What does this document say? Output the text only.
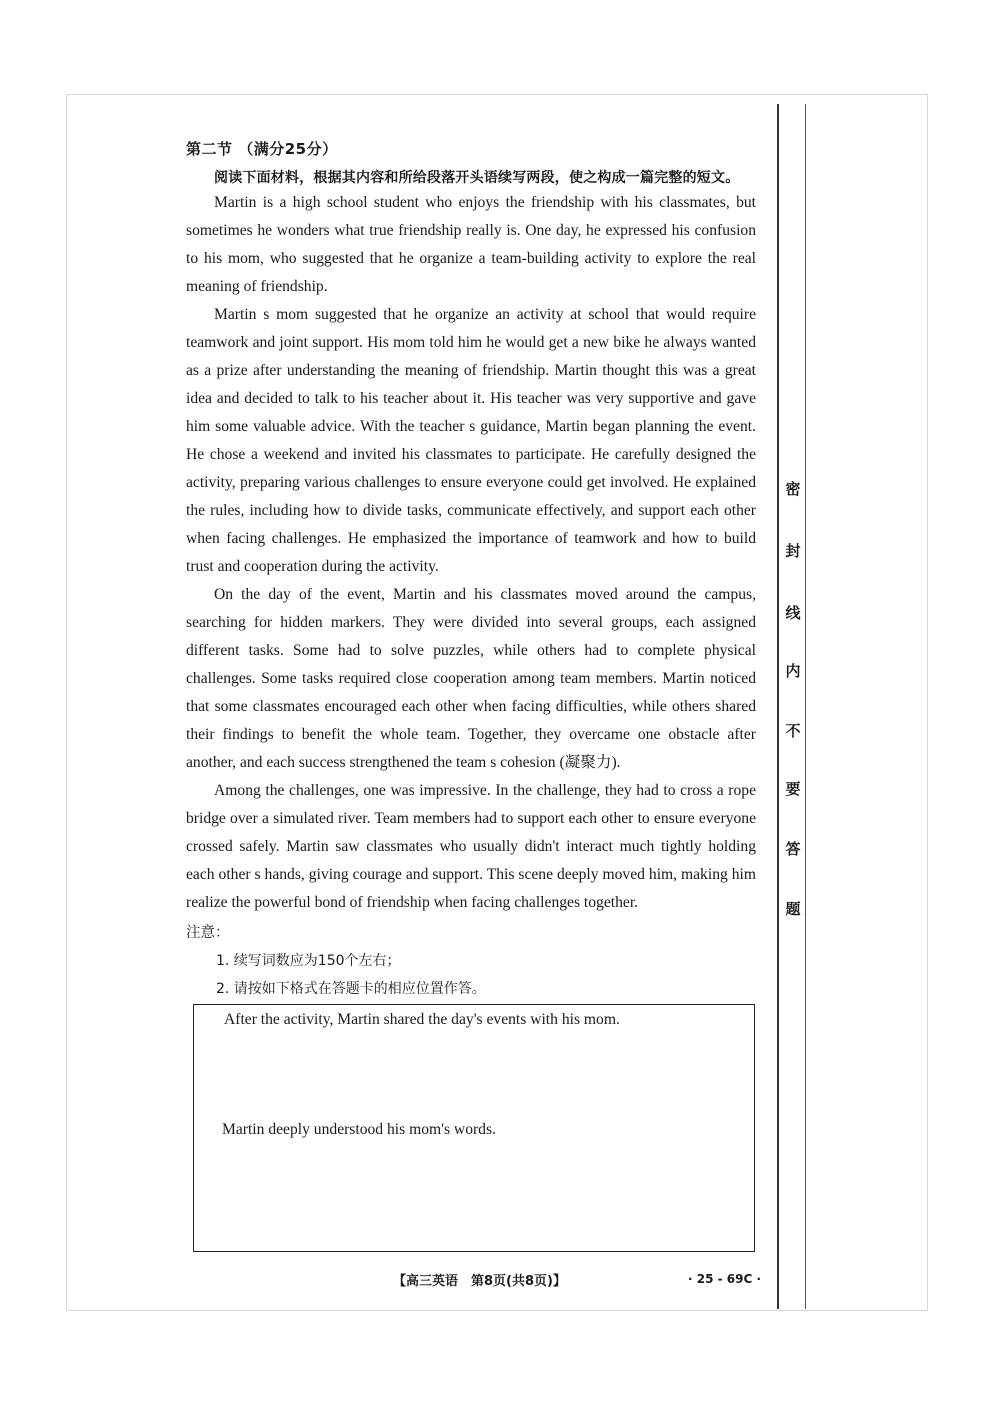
第二节 （满分25分）
阅读下面材料，根据其内容和所给段落开头语续写两段，使之构成一篇完整的短文。

Martin is a high school student who enjoys the friendship with his classmates, but sometimes he wonders what true friendship really is. One day, he expressed his confusion to his mom, who suggested that he organize a team-building activity to explore the real meaning of friendship.

Martin s mom suggested that he organize an activity at school that would require teamwork and joint support. His mom told him he would get a new bike he always wanted as a prize after understanding the meaning of friendship. Martin thought this was a great idea and decided to talk to his teacher about it. His teacher was very supportive and gave him some valuable advice. With the teacher s guidance, Martin began planning the event. He chose a weekend and invited his classmates to participate. He carefully designed the activity, preparing various challenges to ensure everyone could get involved. He explained the rules, including how to divide tasks, communicate effectively, and support each other when facing challenges. He emphasized the importance of teamwork and how to build trust and cooperation during the activity.

On the day of the event, Martin and his classmates moved around the campus, searching for hidden markers. They were divided into several groups, each assigned different tasks. Some had to solve puzzles, while others had to complete physical challenges. Some tasks required close cooperation among team members. Martin noticed that some classmates encouraged each other when facing difficulties, while others shared their findings to benefit the whole team. Together, they overcame one obstacle after another, and each success strengthened the team s cohesion (凝聚力).

Among the challenges, one was impressive. In the challenge, they had to cross a rope bridge over a simulated river. Team members had to support each other to ensure everyone crossed safely. Martin saw classmates who usually didn't interact much tightly holding each other s hands, giving courage and support. This scene deeply moved him, making him realize the powerful bond of friendship when facing challenges together.

注意：

1. 续写词数应为150个左右；

2. 请按如下格式在答题卡的相应位置作答。

After the activity, Martin shared the day's events with his mom.
Martin deeply understood his mom's words.
【高三英语　第8页(共8页)】	· 25 - 69C ·
密
封
线
内
不
要
答
题
